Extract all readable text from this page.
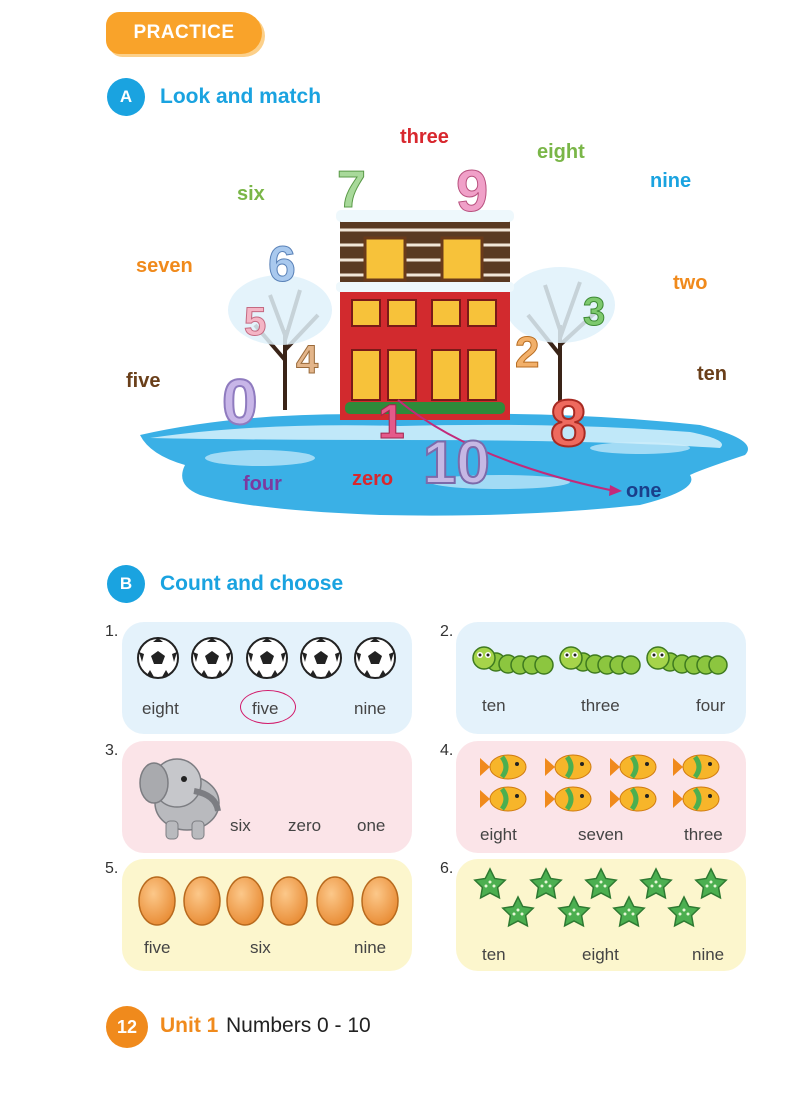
PRACTICE
A	Look and match
0	1
2
3
4
5
6
7
8
9
10
three
eight
nine
six
seven
two
five	ten
four	zero
one
B	Count and choose
1.
eight	five	nine
2.
ten	three	four
3.
six zero one
4.
eight	seven	three
5.
five	six	nine
6.
ten	eight	nine
12	Unit 1 Numbers 0 - 10
